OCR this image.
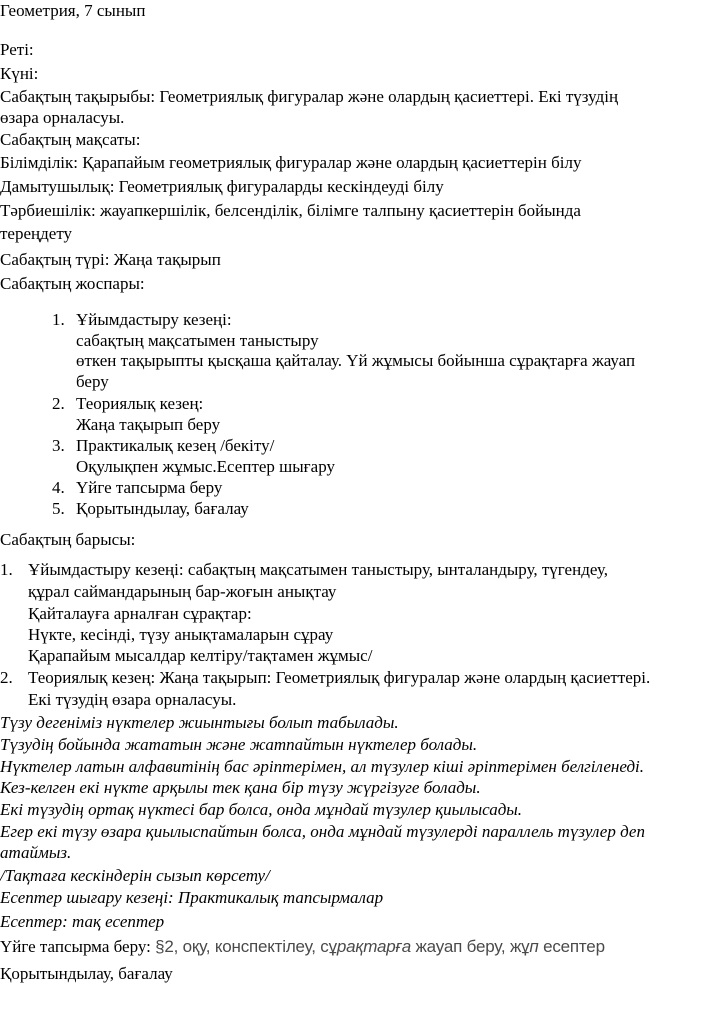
Геометрия, 7 сынып
Реті:
Күні:
Сабақтың тақырыбы: Геометриялық фигуралар және олардың қасиеттері. Екі түзудің
өзара орналасуы.
Сабақтың мақсаты:
Білімділік: Қарапайым геометриялық фигуралар және олардың қасиеттерін білу
Дамытушылық: Геометриялық фигураларды кескіндеуді білу
Тәрбиешілік: жауапкершілік, белсенділік, білімге талпыну қасиеттерін бойында
тереңдету
Сабақтың түрі: Жаңа тақырып
Сабақтың жоспары:
1. Ұйымдастыру кезеңі:
сабақтың мақсатымен таныстыру
өткен тақырыпты қысқаша қайталау. Үй жұмысы бойынша сұрақтарға жауап
беру
2. Теориялық кезең:
Жаңа тақырып беру
3. Практикалық кезең /бекіту/
Оқулықпен жұмыс.Есептер шығару
4. Үйге тапсырма беру
5. Қорытындылау, бағалау
Сабақтың барысы:
1. Ұйымдастыру кезеңі: сабақтың мақсатымен таныстыру, ынталандыру, түгендеу,
құрал саймандарының бар-жоғын анықтау
Қайталауға арналған сұрақтар:
Нүкте, кесінді, түзу анықтамаларын сұрау
Қарапайым мысалдар келтіру/тақтамен жұмыс/
2. Теориялық кезең: Жаңа тақырып: Геометриялық фигуралар және олардың қасиеттері.
Екі түзудің өзара орналасуы.
Түзу дегеніміз нүктелер жиынтығы болып табылады.
Түзудің бойында жататын және жатпайтын нүктелер болады.
Нүктелер латын алфавитінің бас әріптерімен, ал түзулер кіші әріптерімен белгіленеді.
Кез-келген екі нүкте арқылы тек қана бір түзу жүргізуге болады.
Екі түзудің ортақ нүктесі бар болса, онда мұндай түзулер қиылысады.
Егер екі түзу өзара қиылыспайтын болса, онда мұндай түзулерді параллель түзулер деп
атаймыз.
/Тақтаға кескіндерін сызып көрсету/
Есептер шығару кезеңі: Практикалық тапсырмалар
Есептер: тақ есептер
Үйге тапсырма беру: §2, оқу, конспектілеу, сұрақтарға жауап беру, жұп есептер
Қорытындылау, бағалау
